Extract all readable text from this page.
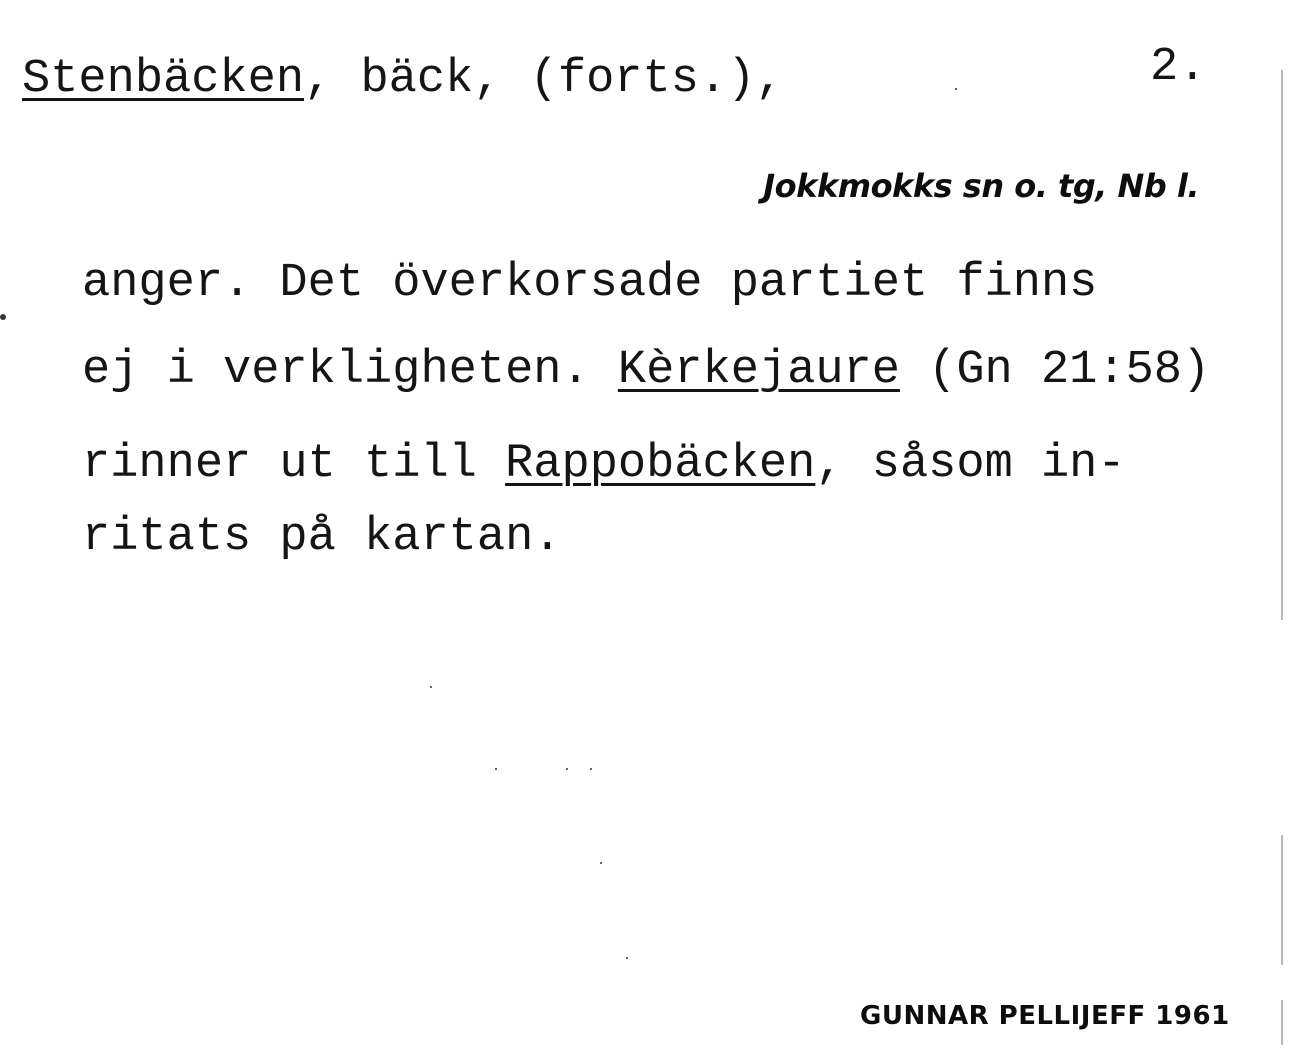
Stenbäcken, bäck, (forts.),	2.
Jokkmokks sn o. tg, Nb l.
anger. Det överkorsade partiet finns
ej i verkligheten. Kèrkejaure (Gn 21:58)
rinner ut till Rappobäcken, såsom in-
ritats på kartan.
GUNNAR PELLIJEFF 1961
